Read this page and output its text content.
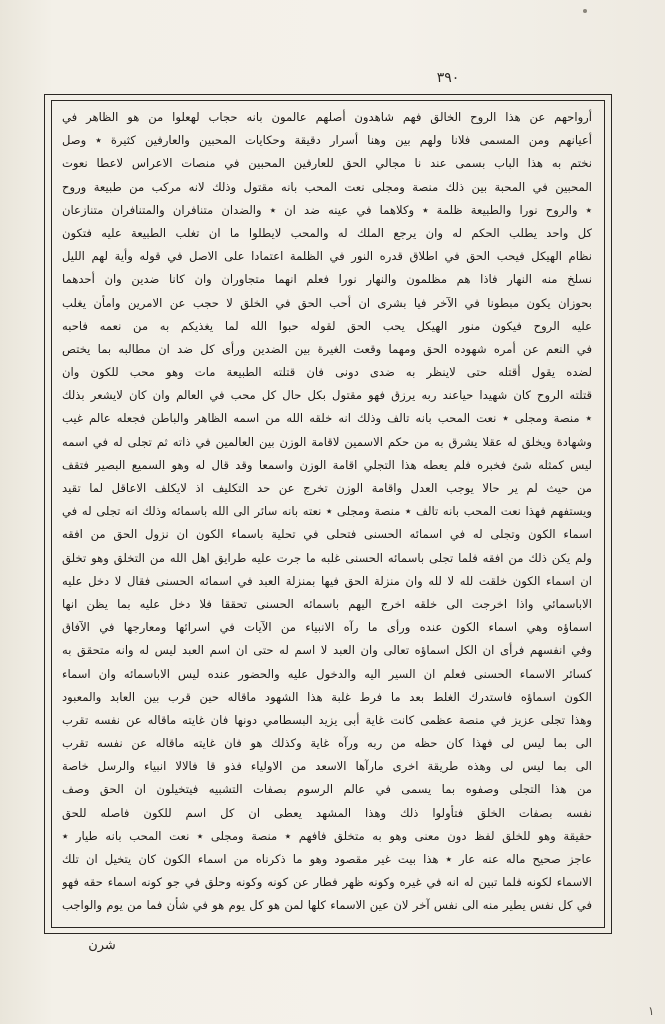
٣٩٠
أرواحهم عن هذا الروح الخالق فهم شاهدون أصلهم عالمون بانه حجاب لهعلوا من هو الظاهر في
أعيانهم ومن المسمى فلانا ولهم بين وهنا أسرار دقيقة وحكايات المحبين والعارفين كثيرة ٭ وصل
نختم به هذا الباب بسمى عند نا مجالي الحق للعارفين المحبين في منصات الاعراس لاعطا نعوت
المحبين في المحبة بين ذلك منصة ومجلى نعت المحب بانه مقتول وذلك لانه مركب من طبيعة وروح
٭ والروح نورا والطبيعة ظلمة ٭ وكلاهما في عينه ضد ان ٭ والضدان متنافران والمتنافران متنازعان
كل واحد يطلب الحكم له وان يرجع الملك له والمحب لايطلوا ما ان تغلب الطبيعة عليه فتكون
نظام الهيكل فيحب الحق في اطلاق قدره النور في الظلمة اعتمادا على الاصل في قوله وأية لهم الليل
نسلخ منه النهار فاذا هم مظلمون والنهار نورا فعلم انهما متجاوران وان كانا ضدين وان أحدهما
بحوزان يكون مبطونا في الآخر فيا بشرى ان أحب الحق في الخلق لا حجب عن الامرين وامأن يغلب
عليه الروح فيكون منور الهيكل يحب الحق لقوله حبوا الله لما يغذيكم به من نعمه فاحبه
في النعم عن أمره شهوده الحق ومهما وقعت الغيرة بين الضدين ورأى كل ضد ان مطالبه بما يختص
لضده يقول أقتله حتى لاينظر به ضدى دونى فان قتلته الطبيعة مات وهو محب للكون وان
قتلته الروح كان شهيدا حياعند ربه يرزق فهو مقتول بكل حال كل محب في العالم وان كان لايشعر بذلك
٭ منصة ومجلى ٭ نعت المحب بانه تالف وذلك انه خلقه الله من اسمه الظاهر والباطن فجعله عالم غيب
وشهادة ويخلق له عقلا يشرق به من حكم الاسمين لاقامة الوزن بين العالمين في ذاته ثم تجلى له في اسمه
ليس كمثله شئ فخبره فلم يعطه هذا التجلي اقامة الوزن واسمعا وقد قال له وهو السميع البصير فتقف
من حيث لم ير حالا يوجب العدل واقامة الوزن تخرج عن حد التكليف اذ لايكلف الاعاقل لما تقيد
ويستفهم فهذا نعت المحب بانه تالف ٭ منصة ومجلى ٭ نعته بانه سائر الى الله باسمائه وذلك انه تجلى له في
اسماء الكون وتجلى له في اسمائه الحسنى فتحلى في تحلية باسماء الكون ان نزول الحق من افقه
ولم يكن ذلك من افقه فلما تجلى باسمائه الحسنى غلبه ما جرت عليه طرايق اهل الله من التخلق وهو تخلق
ان اسماء الكون خلقت لله لا لله وان منزلة الحق فيها بمنزلة العبد في اسمائه الحسنى فقال لا دخل عليه
الاباسمائي واذا اخرجت الى خلقه اخرج اليهم باسمائه الحسنى تحققا فلا دخل عليه بما يظن انها
اسماؤه وهي اسماء الكون عنده ورأى ما رآه الانبياء من الآيات في اسرائها ومعارجها في الآفاق
وفي انفسهم فرأى ان الكل اسماؤه تعالى وان العبد لا اسم له حتى ان اسم العبد ليس له وانه متحقق به
كسائر الاسماء الحسنى فعلم ان السير اليه والدخول عليه والحضور عنده ليس الاباسمائه وان اسماء
الكون اسماؤه فاستدرك الغلط بعد ما فرط غلبة هذا الشهود ماقاله حين قرب بين العابد والمعبود
وهذا تجلى عزيز في منصة عظمى كانت غاية أبى يزيد البسطامي دونها فان غايته ماقاله عن نفسه تقرب
الى بما ليس لى فهذا كان حظه من ربه ورآه غاية وكذلك هو فان غايته ماقاله عن نفسه تقرب
الى بما ليس لى وهذه طريقة اخرى مارآها الاسعد من الاولياء فذو قا فالالا انبياء والرسل خاصة
من هذا التجلى وصفوه بما يسمى في عالم الرسوم بصفات التشبيه فيتخيلون ان الحق وصف
نفسه بصفات الخلق فتأولوا ذلك وهذا المشهد يعطى ان كل اسم للكون فاصله للحق
حقيقة وهو للخلق لفظ دون معنى وهو به متخلق فافهم ٭ منصة ومجلى ٭ نعت المحب بانه طيار ٭
عاجز صحيح ماله عنه عار ٭ هذا بيت غير مقصود وهو ما ذكرناه من اسماء الكون كان يتخيل ان تلك
الاسماء لكونه فلما تبين له انه في غيره وكونه ظهر فطار عن كونه وكونه وحلق في جو كونه اسماء حقه فهو
في كل نفس يطير منه الى نفس آخر لان عين الاسماء كلها لمن هو كل يوم هو في شأن فما من يوم والواجب
شرن
١
